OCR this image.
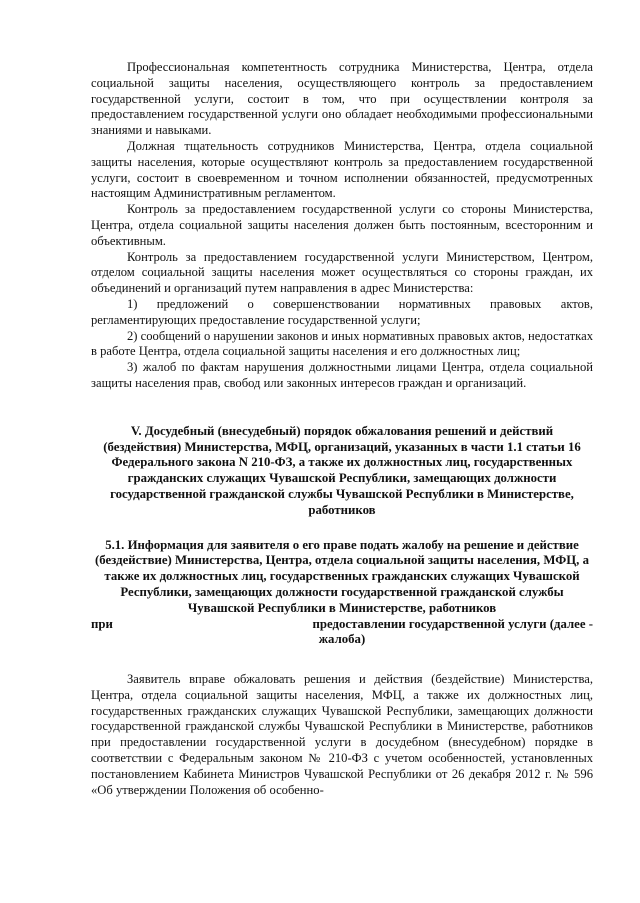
Профессиональная компетентность сотрудника Министерства, Центра, отдела социальной защиты населения, осуществляющего контроль за предоставлением государственной услуги, состоит в том, что при осуществлении контроля за предоставлением государственной услуги оно обладает необходимыми профессиональными знаниями и навыками.

Должная тщательность сотрудников Министерства, Центра, отдела социальной защиты населения, которые осуществляют контроль за предоставлением государственной услуги, состоит в своевременном и точном исполнении обязанностей, предусмотренных настоящим Административным регламентом.

Контроль за предоставлением государственной услуги со стороны Министерства, Центра, отдела социальной защиты населения должен быть постоянным, всесторонним и объективным.

Контроль за предоставлением государственной услуги Министерством, Центром, отделом социальной защиты населения может осуществляться со стороны граждан, их объединений и организаций путем направления в адрес Министерства:

1) предложений о совершенствовании нормативных правовых актов, регламентирующих предоставление государственной услуги;

2) сообщений о нарушении законов и иных нормативных правовых актов, недостатках в работе Центра, отдела социальной защиты населения и его должностных лиц;

3) жалоб по фактам нарушения должностными лицами Центра, отдела социальной защиты населения прав, свобод или законных интересов граждан и организаций.

V. Досудебный (внесудебный) порядок обжалования решений и действий (бездействия) Министерства, МФЦ, организаций, указанных в части 1.1 статьи 16 Федерального закона N 210-ФЗ, а также их должностных лиц, государственных гражданских служащих Чувашской Республики, замещающих должности государственной гражданской службы Чувашской Республики в Министерстве, работников

5.1. Информация для заявителя о его праве подать жалобу на решение и действие (бездействие) Министерства, Центра, отдела социальной защиты населения, МФЦ, а также их должностных лиц, государственных гражданских служащих Чувашской Республики, замещающих должности государственной гражданской службы Чувашской Республики в Министерстве, работников

при	предоставлении государственной услуги (далее -

жалоба)

Заявитель вправе обжаловать решения и действия (бездействие) Министерства, Центра, отдела социальной защиты населения, МФЦ, а также их должностных лиц, государственных гражданских служащих Чувашской Республики, замещающих должности государственной гражданской службы Чувашской Республики в Министерстве, работников при предоставлении государственной услуги в досудебном (внесудебном) порядке в соответствии с Федеральным законом № 210-ФЗ с учетом особенностей, установленных постановлением Кабинета Министров Чувашской Республики от 26 декабря 2012 г. № 596 «Об утверждении Положения об особенно-
